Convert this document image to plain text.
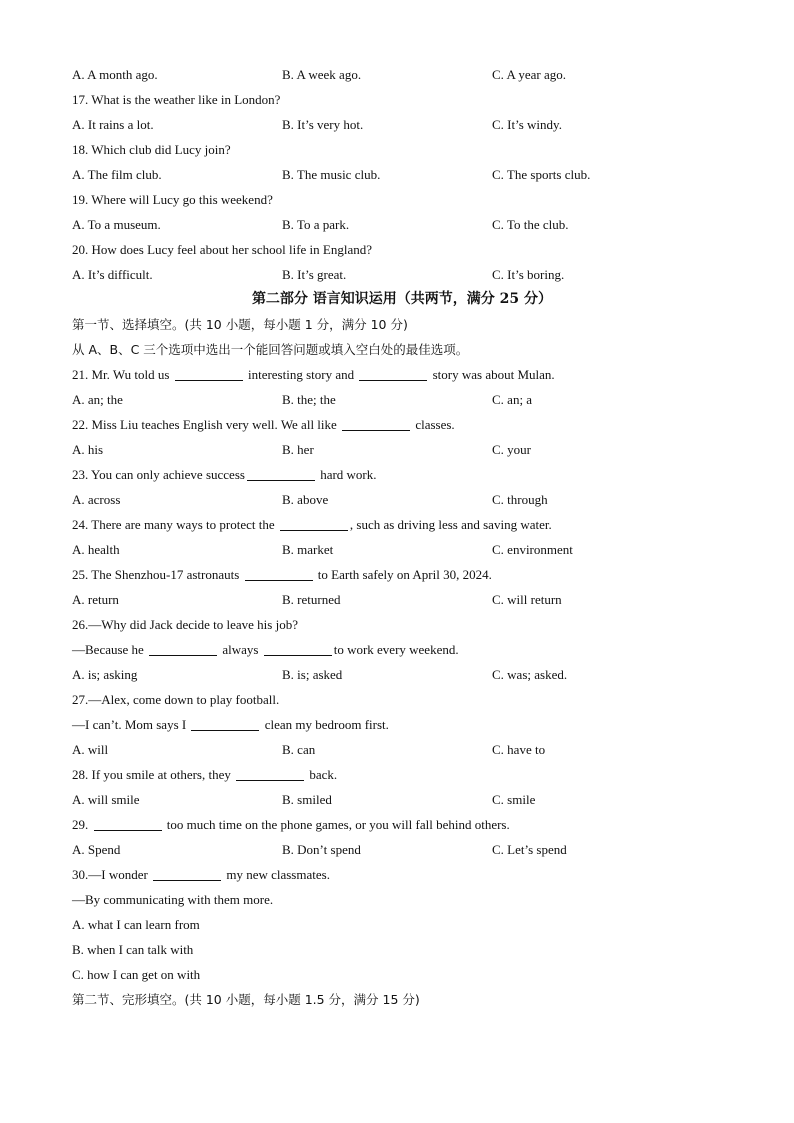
A. A month ago.	B. A week ago.	C. A year ago.
17. What is the weather like in London?
A. It rains a lot.	B. It’s very hot.	C. It’s windy.
18. Which club did Lucy join?
A. The film club.	B. The music club.	C. The sports club.
19. Where will Lucy go this weekend?
A. To a museum.	B. To a park.	C. To the club.
20. How does Lucy feel about her school life in England?
A. It’s difficult.	B. It’s great.	C. It’s boring.
第二部分 语言知识运用（共两节，满分 25 分）
第一节、选择填空。(共 10 小题，每小题 1 分，满分 10 分)
从 A、B、C 三个选项中选出一个能回答问题或填入空白处的最佳选项。
21. Mr. Wu told us	interesting story and	story was about Mulan.
A. an; the	B. the; the	C. an; a
22. Miss Liu teaches English very well. We all like	classes.
A. his	B. her	C. your
23. You can only achieve success	hard work.
A. across	B. above	C. through
24. There are many ways to protect the	, such as driving less and saving water.
A. health	B. market	C. environment
25. The Shenzhou-17 astronauts	to Earth safely on April 30, 2024.
A. return	B. returned	C. will return
26.—Why did Jack decide to leave his job?
—Because he	always	to work every weekend.
A. is; asking	B. is; asked	C. was; asked.
27.—Alex, come down to play football.
—I can’t. Mom says I	clean my bedroom first.
A. will	B. can	C. have to
28. If you smile at others, they	back.
A. will smile	B. smiled	C. smile
29.	too much time on the phone games, or you will fall behind others.
A. Spend	B. Don’t spend	C. Let’s spend
30.—I wonder	my new classmates.
—By communicating with them more.
A. what I can learn from
B. when I can talk with
C. how I can get on with
第二节、完形填空。(共 10 小题，每小题 1.5 分，满分 15 分)
